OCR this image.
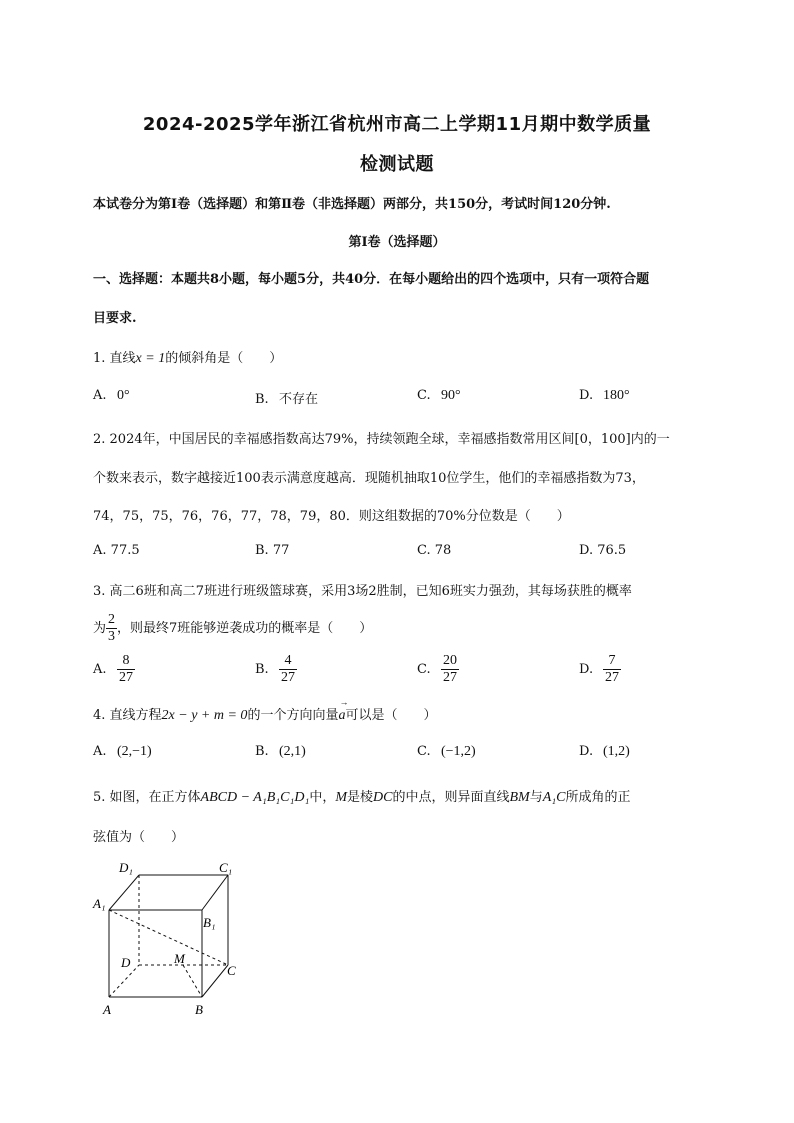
2024-2025学年浙江省杭州市高二上学期11月期中数学质量
检测试题
本试卷分为第Ⅰ卷（选择题）和第Ⅱ卷（非选择题）两部分，共150分，考试时间120分钟.
第Ⅰ卷（选择题）
一、选择题：本题共8小题，每小题5分，共40分．在每小题给出的四个选项中，只有一项符合题
目要求.
1. 直线x = 1的倾斜角是（　　）
A. 0°	B. 不存在	C. 90°	D. 180°
2. 2024年，中国居民的幸福感指数高达79%，持续领跑全球，幸福感指数常用区间[0，100]内的一
个数来表示，数字越接近100表示满意度越高．现随机抽取10位学生，他们的幸福感指数为73，
74，75，75，76，76，77，78，79，80．则这组数据的70%分位数是（　　）
A. 77.5	B. 77	C. 78	D. 76.5
3. 高二6班和高二7班进行班级篮球赛，采用3场2胜制，已知6班实力强劲，其每场获胜的概率
为 $\frac{2}{3}$ ，则最终7班能够逆袭成功的概率是（　　）
A. $\frac{8}{27}$	B. $\frac{4}{27}$	C. $\frac{20}{27}$	D. $\frac{7}{27}$
4. 直线方程2x − y + m = 0的一个方向向量
→
a可以是（　　）
A. (2,−1)	B. (2,1)	C. (−1,2)	D. (1,2)
5. 如图，在正方体ABCD − A₁B₁C₁D₁中，M是棱DC的中点，则异面直线BM与A₁C所成角的正
弦值为（　　）
D₁	C₁
A₁
B₁
D	M
C
A	B
